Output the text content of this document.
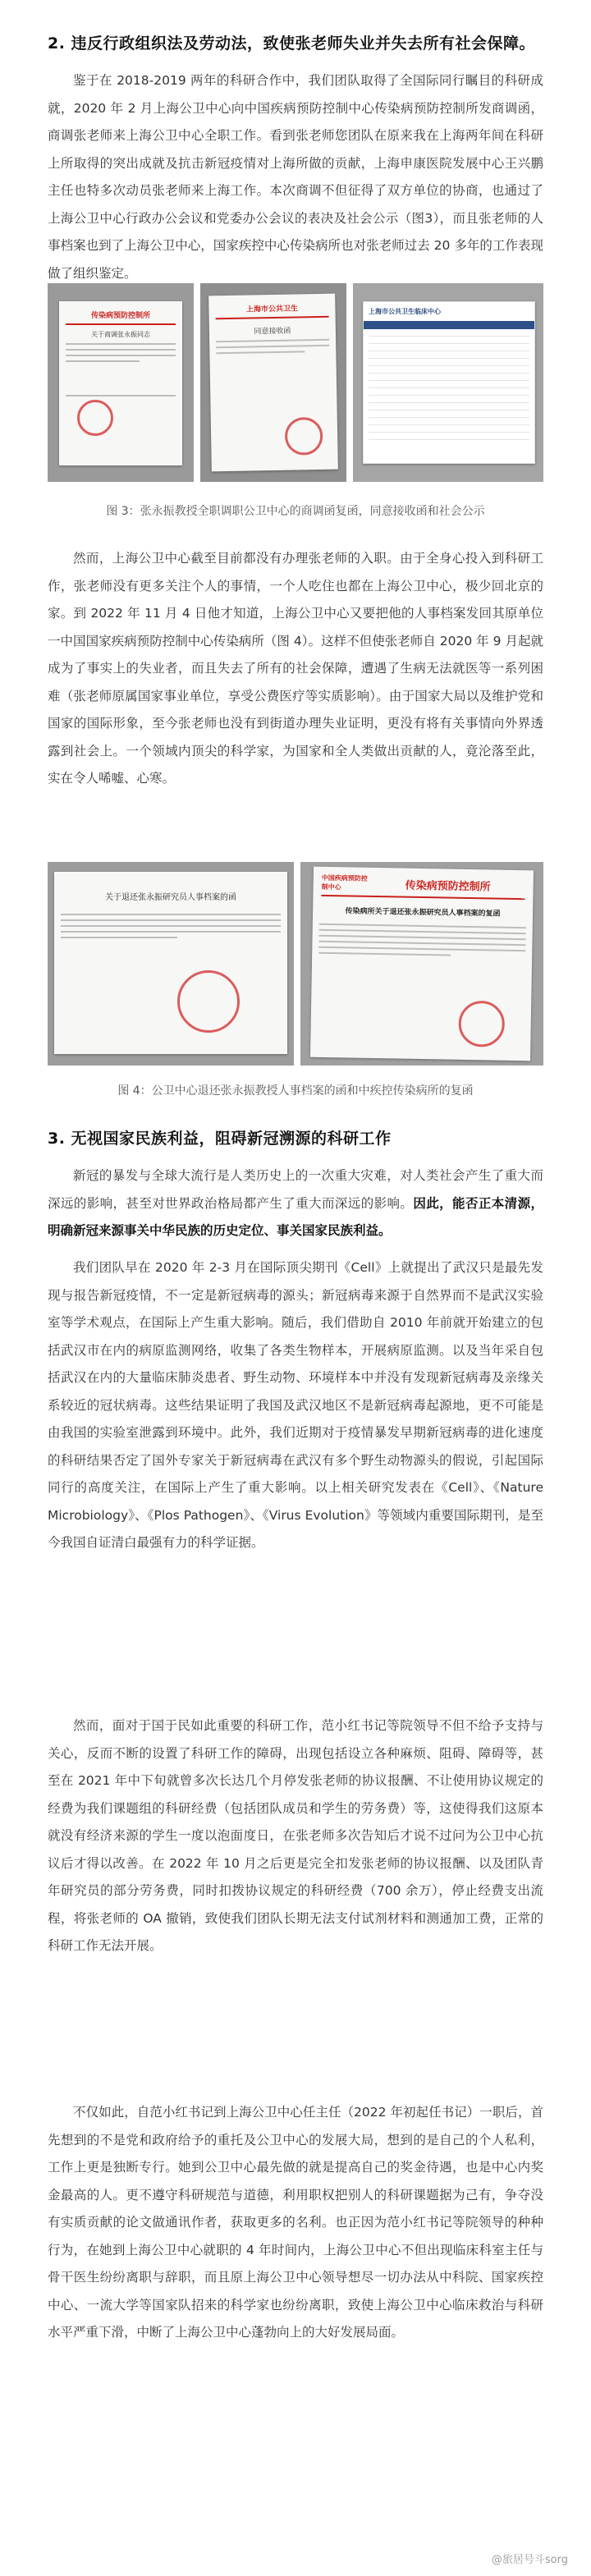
2. 违反行政组织法及劳动法，致使张老师失业并失去所有社会保障。

鉴于在 2018-2019 两年的科研合作中，我们团队取得了全国际同行瞩目的科研成就，2020 年 2 月上海公卫中心向中国疾病预防控制中心传染病预防控制所发商调函，商调张老师来上海公卫中心全职工作。看到张老师您团队在原来我在上海两年间在科研上所取得的突出成就及抗击新冠疫情对上海所做的贡献，上海申康医院发展中心王兴鹏主任也特多次动员张老师来上海工作。本次商调不但征得了双方单位的协商，也通过了上海公卫中心行政办公会议和党委办公会议的表决及社会公示（图3），而且张老师的人事档案也到了上海公卫中心，国家疾控中心传染病所也对张老师过去 20 多年的工作表现做了组织鉴定。

传染病预防控制所
关于商调张永振同志
上海市公共卫生
同意接收函
上海市公共卫生临床中心
图 3：张永振教授全职调职公卫中心的商调函复函，同意接收函和社会公示

然而，上海公卫中心截至目前都没有办理张老师的入职。由于全身心投入到科研工作，张老师没有更多关注个人的事情，一个人吃住也都在上海公卫中心，极少回北京的家。到 2022 年 11 月 4 日他才知道，上海公卫中心又要把他的人事档案发回其原单位一中国国家疾病预防控制中心传染病所（图 4）。这样不但使张老师自 2020 年 9 月起就成为了事实上的失业者，而且失去了所有的社会保障，遭遇了生病无法就医等一系列困难（张老师原属国家事业单位，享受公费医疗等实质影响）。由于国家大局以及维护党和国家的国际形象，至今张老师也没有到街道办理失业证明，更没有将有关事情向外界透露到社会上。一个领域内顶尖的科学家，为国家和全人类做出贡献的人，竟沦落至此，实在令人唏嘘、心寒。

关于退还张永振研究员人事档案的函
中国疾病预防控制中心	传染病预防控制所
传染病所关于退还张永振研究员人事档案的复函
图 4：公卫中心退还张永振教授人事档案的函和中疾控传染病所的复函
3. 无视国家民族利益，阻碍新冠溯源的科研工作

新冠的暴发与全球大流行是人类历史上的一次重大灾难，对人类社会产生了重大而深远的影响，甚至对世界政治格局都产生了重大而深远的影响。因此，能否正本清源，明确新冠来源事关中华民族的历史定位、事关国家民族利益。

我们团队早在 2020 年 2-3 月在国际顶尖期刊《Cell》上就提出了武汉只是最先发现与报告新冠疫情，不一定是新冠病毒的源头；新冠病毒来源于自然界而不是武汉实验室等学术观点，在国际上产生重大影响。随后，我们借助自 2010 年前就开始建立的包括武汉市在内的病原监测网络，收集了各类生物样本，开展病原监测。以及当年采自包括武汉在内的大量临床肺炎患者、野生动物、环境样本中并没有发现新冠病毒及亲缘关系较近的冠状病毒。这些结果证明了我国及武汉地区不是新冠病毒起源地，更不可能是由我国的实验室泄露到环境中。此外，我们近期对于疫情暴发早期新冠病毒的进化速度的科研结果否定了国外专家关于新冠病毒在武汉有多个野生动物源头的假说，引起国际同行的高度关注，在国际上产生了重大影响。以上相关研究发表在《Cell》、《Nature Microbiology》、《Plos Pathogen》、《Virus Evolution》等领域内重要国际期刊，是至今我国自证清白最强有力的科学证据。

然而，面对于国于民如此重要的科研工作，范小红书记等院领导不但不给予支持与关心，反而不断的设置了科研工作的障碍，出现包括设立各种麻烦、阻碍、障碍等，甚至在 2021 年中下旬就曾多次长达几个月停发张老师的协议报酬、不让使用协议规定的经费为我们课题组的科研经费（包括团队成员和学生的劳务费）等，这使得我们这原本就没有经济来源的学生一度以泡面度日，在张老师多次告知后才说不过问为公卫中心抗议后才得以改善。在 2022 年 10 月之后更是完全扣发张老师的协议报酬、以及团队青年研究员的部分劳务费，同时扣拨协议规定的科研经费（700 余万），停止经费支出流程，将张老师的 OA 撤销，致使我们团队长期无法支付试剂材料和测通加工费，正常的科研工作无法开展。

不仅如此，自范小红书记到上海公卫中心任主任（2022 年初起任书记）一职后，首先想到的不是党和政府给予的重托及公卫中心的发展大局，想到的是自己的个人私利，工作上更是独断专行。她到公卫中心最先做的就是提高自己的奖金待遇，也是中心内奖金最高的人。更不遵守科研规范与道德，利用职权把别人的科研课题据为己有，争夺没有实质贡献的论文做通讯作者，获取更多的名利。也正因为范小红书记等院领导的种种行为，在她到上海公卫中心就职的 4 年时间内，上海公卫中心不但出现临床科室主任与骨干医生纷纷离职与辞职，而且原上海公卫中心领导想尽一切办法从中科院、国家疾控中心、一流大学等国家队招来的科学家也纷纷离职，致使上海公卫中心临床救治与科研水平严重下滑，中断了上海公卫中心蓬勃向上的大好发展局面。

@旅居号斗sorg
